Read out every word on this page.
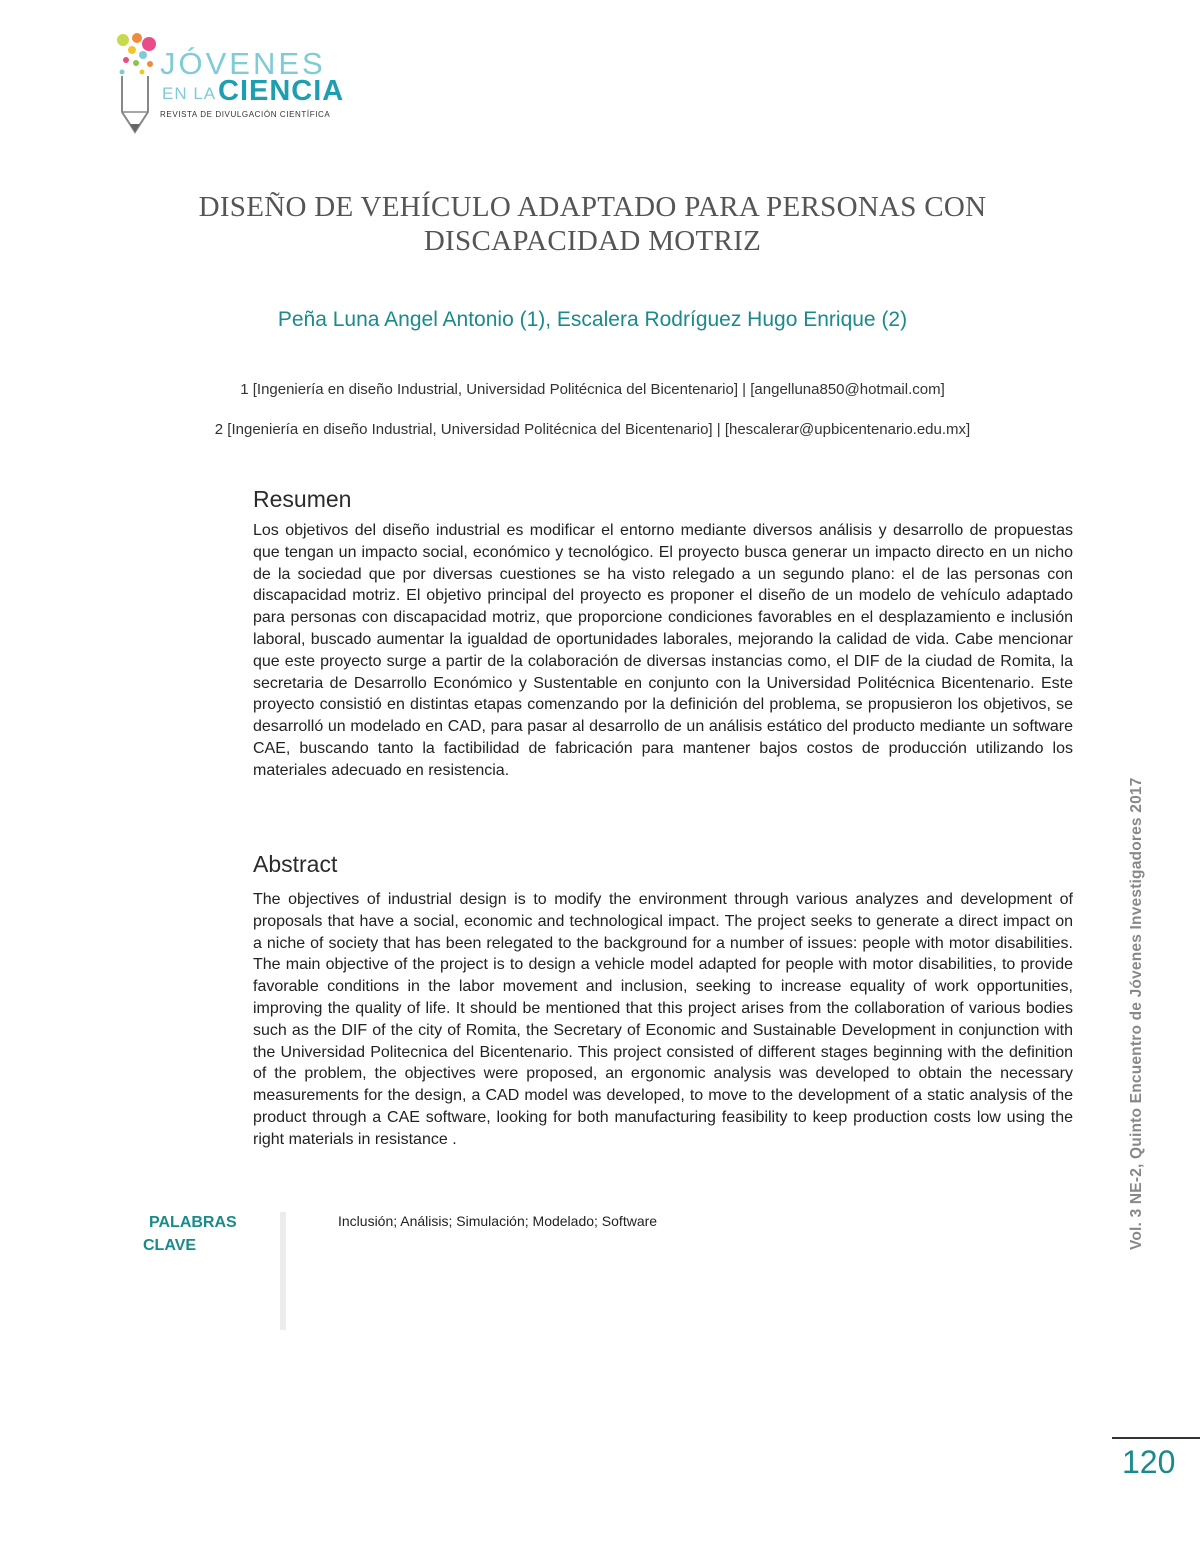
JÓVENES
EN LA CIENCIA
REVISTA DE DIVULGACIÓN CIENTÍFICA
DISEÑO DE VEHÍCULO ADAPTADO PARA PERSONAS CON DISCAPACIDAD MOTRIZ
Peña Luna Angel Antonio (1), Escalera Rodríguez Hugo Enrique (2)
1 [Ingeniería en diseño Industrial, Universidad Politécnica del Bicentenario] | [angelluna850@hotmail.com]
2 [Ingeniería en diseño Industrial, Universidad Politécnica del Bicentenario] | [hescalerar@upbicentenario.edu.mx]
Resumen
Los objetivos del diseño industrial es modificar el entorno mediante diversos análisis y desarrollo de propuestas que tengan un impacto social, económico y tecnológico. El proyecto busca generar un impacto directo en un nicho de la sociedad que por diversas cuestiones se ha visto relegado a un segundo plano: el de las personas con discapacidad motriz. El objetivo principal del proyecto es proponer el diseño de un modelo de vehículo adaptado para personas con discapacidad motriz, que proporcione condiciones favorables en el desplazamiento e inclusión laboral, buscado aumentar la igualdad de oportunidades laborales, mejorando la calidad de vida. Cabe mencionar que este proyecto surge a partir de la colaboración de diversas instancias como, el DIF de la ciudad de Romita, la secretaria de Desarrollo Económico y Sustentable en conjunto con la Universidad Politécnica Bicentenario. Este proyecto consistió en distintas etapas comenzando por la definición del problema, se propusieron los objetivos, se desarrolló un modelado en CAD, para pasar al desarrollo de un análisis estático del producto mediante un software CAE, buscando tanto la factibilidad de fabricación para mantener bajos costos de producción utilizando los materiales adecuado en resistencia.
Abstract
The objectives of industrial design is to modify the environment through various analyzes and development of proposals that have a social, economic and technological impact. The project seeks to generate a direct impact on a niche of society that has been relegated to the background for a number of issues: people with motor disabilities. The main objective of the project is to design a vehicle model adapted for people with motor disabilities, to provide favorable conditions in the labor movement and inclusion, seeking to increase equality of work opportunities, improving the quality of life. It should be mentioned that this project arises from the collaboration of various bodies such as the DIF of the city of Romita, the Secretary of Economic and Sustainable Development in conjunction with the Universidad Politecnica del Bicentenario. This project consisted of different stages beginning with the definition of the problem, the objectives were proposed, an ergonomic analysis was developed to obtain the necessary measurements for the design, a CAD model was developed, to move to the development of a static analysis of the product through a CAE software, looking for both manufacturing feasibility to keep production costs low using the right materials in resistance .
PALABRAS
CLAVE
Inclusión; Análisis; Simulación; Modelado; Software	Vol. 3 NE-2, Quinto Encuentro de Jóvenes Investigadores 2017
120
